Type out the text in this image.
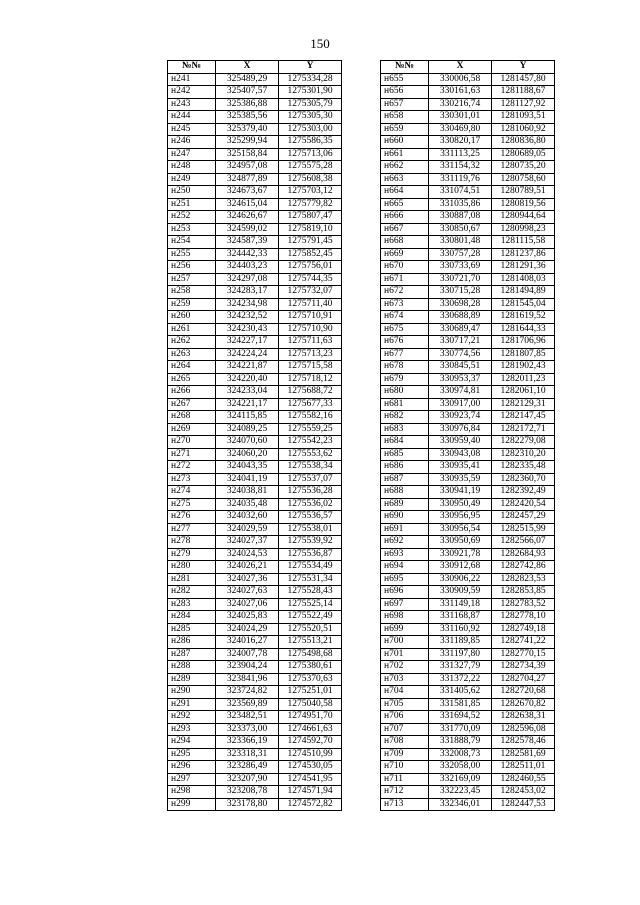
150
№№	X	Y
н241	325489,29	1275334,28
н242	325407,57	1275301,90
н243	325386,88	1275305,79
н244	325385,56	1275305,30
н245	325379,40	1275303,00
н246	325299,94	1275586,35
н247	325158,84	1275713,06
н248	324957,08	1275575,28
н249	324877,89	1275608,38
н250	324673,67	1275703,12
н251	324615,04	1275779,82
н252	324626,67	1275807,47
н253	324599,02	1275819,10
н254	324587,39	1275791,45
н255	324442,33	1275852,45
н256	324403,23	1275756,01
н257	324297,08	1275744,35
н258	324283,17	1275732,07
н259	324234,98	1275711,40
н260	324232,52	1275710,91
н261	324230,43	1275710,90
н262	324227,17	1275711,63
н263	324224,24	1275713,23
н264	324221,87	1275715,58
н265	324220,40	1275718,12
н266	324233,04	1275688,72
н267	324221,17	1275677,33
н268	324115,85	1275582,16
н269	324089,25	1275559,25
н270	324070,60	1275542,23
н271	324060,20	1275553,62
н272	324043,35	1275538,34
н273	324041,19	1275537,07
н274	324038,81	1275536,28
н275	324035,48	1275536,02
н276	324032,60	1275536,57
н277	324029,59	1275538,01
н278	324027,37	1275539,92
н279	324024,53	1275536,87
н280	324026,21	1275534,49
н281	324027,36	1275531,34
н282	324027,63	1275528,43
н283	324027,06	1275525,14
н284	324025,83	1275522,49
н285	324024,29	1275520,51
н286	324016,27	1275513,21
н287	324007,78	1275498,68
н288	323904,24	1275380,61
н289	323841,96	1275370,63
н290	323724,82	1275251,01
н291	323569,89	1275040,58
н292	323482,51	1274951,70
н293	323373,00	1274661,63
н294	323366,19	1274592,70
н295	323318,31	1274510,99
н296	323286,49	1274530,05
н297	323207,90	1274541,95
н298	323208,78	1274571,94
н299	323178,80	1274572,82
№№	X	Y
н655	330006,58	1281457,80
н656	330161,63	1281188,67
н657	330216,74	1281127,92
н658	330301,01	1281093,51
н659	330469,80	1281060,92
н660	330820,17	1280836,80
н661	331113,25	1280689,05
н662	331154,32	1280735,20
н663	331119,76	1280758,60
н664	331074,51	1280789,51
н665	331035,86	1280819,56
н666	330887,08	1280944,64
н667	330850,67	1280998,23
н668	330801,48	1281115,58
н669	330757,28	1281237,86
н670	330733,69	1281291,36
н671	330721,70	1281408,03
н672	330715,28	1281494,89
н673	330698,28	1281545,04
н674	330688,89	1281619,52
н675	330689,47	1281644,33
н676	330717,21	1281706,96
н677	330774,56	1281807,85
н678	330845,51	1281902,43
н679	330953,37	1282011,23
н680	330974,81	1282061,10
н681	330917,00	1282129,31
н682	330923,74	1282147,45
н683	330976,84	1282172,71
н684	330959,40	1282279,08
н685	330943,08	1282310,20
н686	330935,41	1282335,48
н687	330935,59	1282360,70
н688	330941,19	1282392,49
н689	330950,49	1282420,54
н690	330956,95	1282457,29
н691	330956,54	1282515,99
н692	330950,69	1282566,07
н693	330921,78	1282684,93
н694	330912,68	1282742,86
н695	330906,22	1282823,53
н696	330909,59	1282853,85
н697	331149,18	1282783,52
н698	331168,87	1282778,10
н699	331160,92	1282749,18
н700	331189,85	1282741,22
н701	331197,80	1282770,15
н702	331327,79	1282734,39
н703	331372,22	1282704,27
н704	331405,62	1282720,68
н705	331581,85	1282670,82
н706	331694,52	1282638,31
н707	331770,09	1282596,08
н708	331888,79	1282578,46
н709	332008,73	1282581,69
н710	332058,00	1282511,01
н711	332169,09	1282460,55
н712	332223,45	1282453,02
н713	332346,01	1282447,53
